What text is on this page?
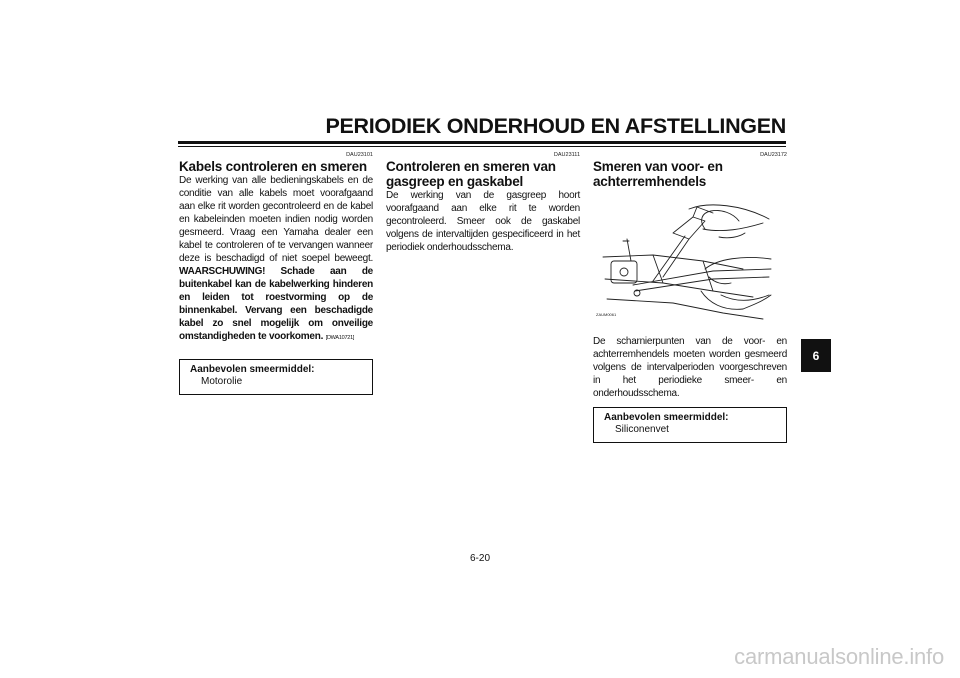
PERIODIEK ONDERHOUD EN AFSTELLINGEN
DAU23101
Kabels controleren en smeren

De werking van alle bedieningskabels en de conditie van alle kabels moet voorafgaand aan elke rit worden gecontroleerd en de kabel en kabeleinden moeten indien nodig worden gesmeerd. Vraag een Yamaha dealer een kabel te controleren of te vervangen wanneer deze is beschadigd of niet soepel beweegt. WAARSCHUWING! Schade aan de buitenkabel kan de kabelwerking hinderen en leiden tot roestvorming op de binnenkabel. Vervang een beschadigde kabel zo snel mogelijk om onveilige omstandigheden te voorkomen. [DWA10721]

Aanbevolen smeermiddel:
Motorolie
DAU23111
Controleren en smeren van gasgreep en gaskabel

De werking van de gasgreep hoort voorafgaand aan elke rit te worden gecontroleerd. Smeer ook de gaskabel volgens de intervaltijden gespecificeerd in het periodiek onderhoudsschema.

DAU23172
Smeren van voor- en achterremhendels
ZAUM0061

De scharnierpunten van de voor- en achterremhendels moeten worden gesmeerd volgens de intervalperioden voorgeschreven in het periodieke smeer- en onderhoudsschema.

Aanbevolen smeermiddel:
Siliconenvet
6
6-20
carmanualsonline.info
